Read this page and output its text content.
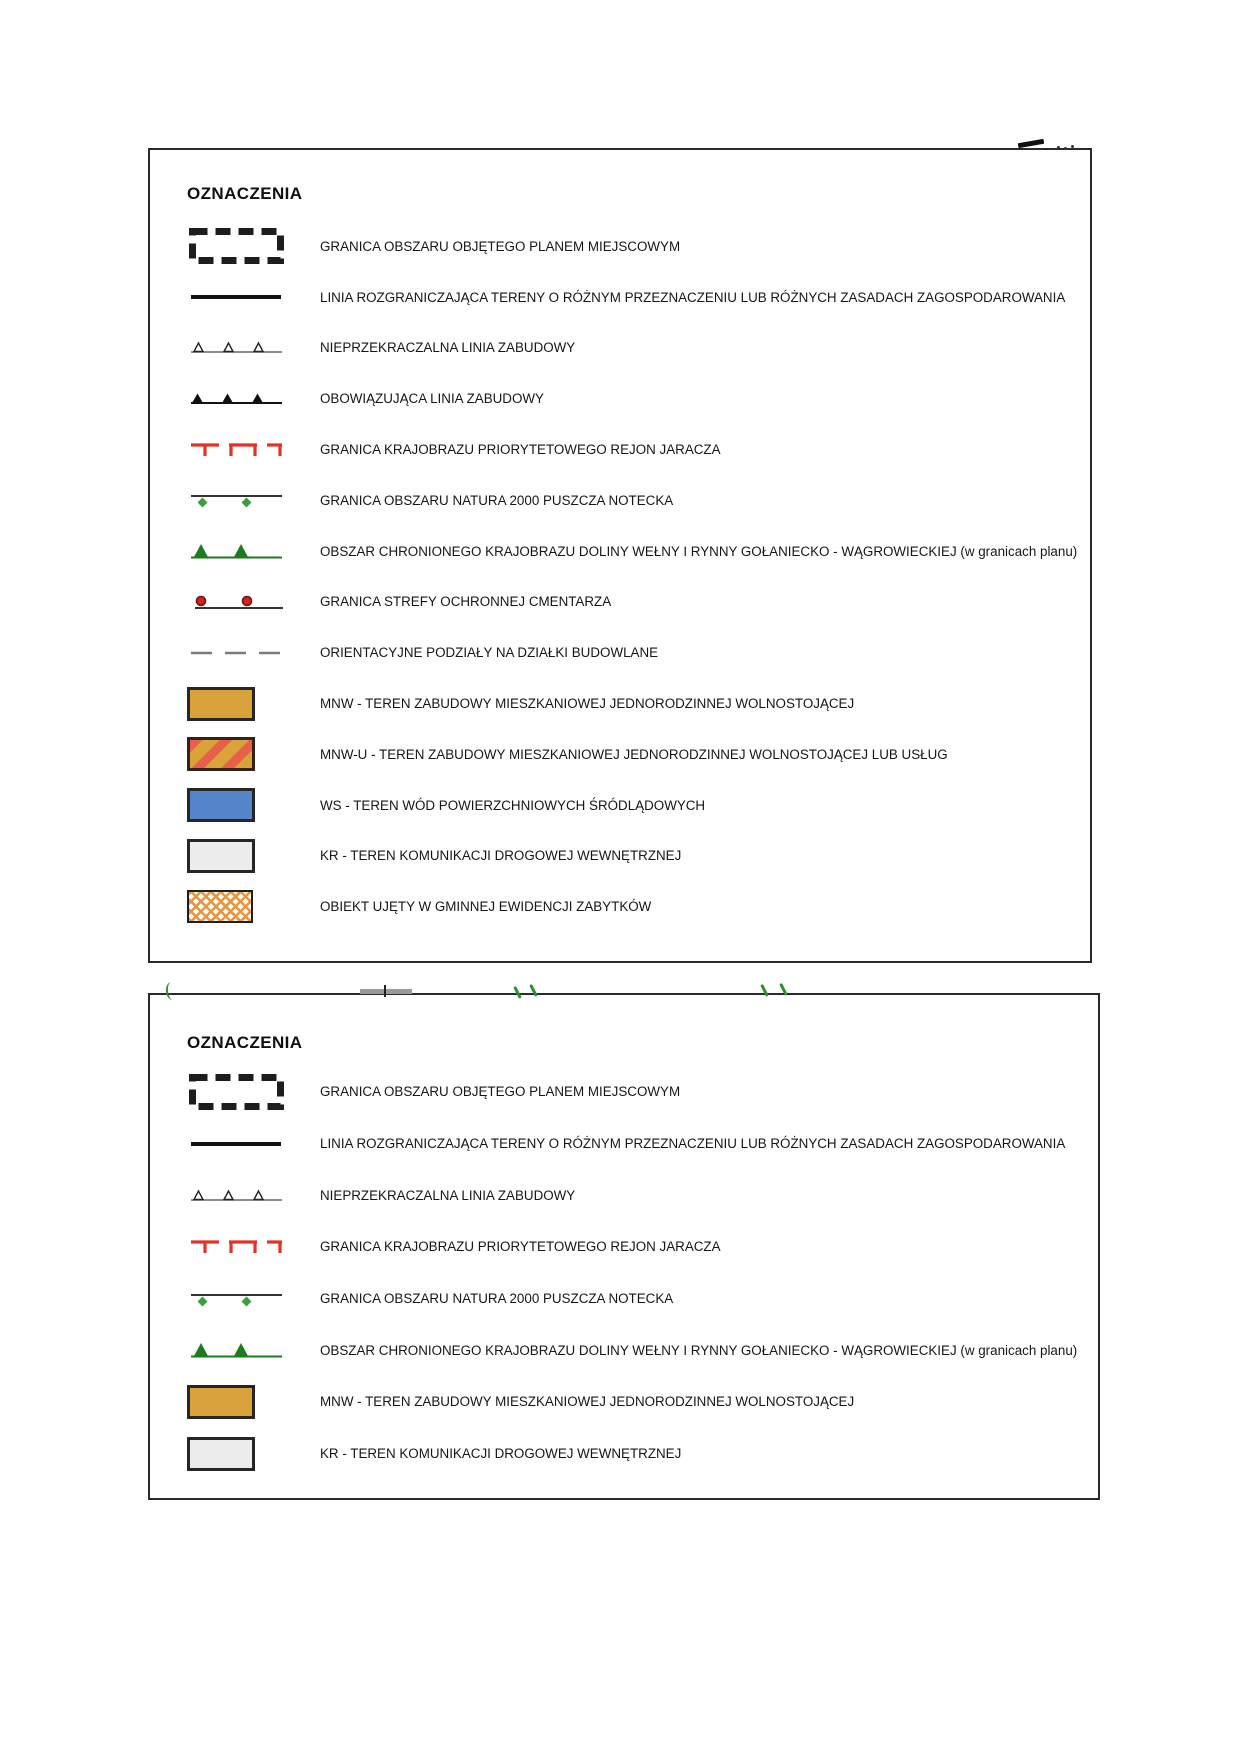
OZNACZENIA
GRANICA OBSZARU OBJĘTEGO PLANEM MIEJSCOWYM
LINIA ROZGRANICZAJĄCA TERENY O RÓŻNYM PRZEZNACZENIU LUB RÓŻNYCH ZASADACH ZAGOSPODAROWANIA
NIEPRZEKRACZALNA LINIA ZABUDOWY
OBOWIĄZUJĄCA LINIA ZABUDOWY
GRANICA KRAJOBRAZU PRIORYTETOWEGO REJON JARACZA
GRANICA OBSZARU NATURA 2000 PUSZCZA NOTECKA
OBSZAR CHRONIONEGO KRAJOBRAZU DOLINY WEŁNY I RYNNY GOŁANIECKO - WĄGROWIECKIEJ (w granicach planu)
GRANICA STREFY OCHRONNEJ CMENTARZA
ORIENTACYJNE PODZIAŁY NA DZIAŁKI BUDOWLANE
MNW - TEREN ZABUDOWY MIESZKANIOWEJ JEDNORODZINNEJ WOLNOSTOJĄCEJ
MNW-U - TEREN ZABUDOWY MIESZKANIOWEJ JEDNORODZINNEJ WOLNOSTOJĄCEJ LUB USŁUG
WS - TEREN WÓD POWIERZCHNIOWYCH ŚRÓDLĄDOWYCH
KR - TEREN KOMUNIKACJI DROGOWEJ WEWNĘTRZNEJ
OBIEKT UJĘTY W GMINNEJ EWIDENCJI ZABYTKÓW
OZNACZENIA
GRANICA OBSZARU OBJĘTEGO PLANEM MIEJSCOWYM
LINIA ROZGRANICZAJĄCA TERENY O RÓŻNYM PRZEZNACZENIU LUB RÓŻNYCH ZASADACH ZAGOSPODAROWANIA
NIEPRZEKRACZALNA LINIA ZABUDOWY
GRANICA KRAJOBRAZU PRIORYTETOWEGO REJON JARACZA
GRANICA OBSZARU NATURA 2000 PUSZCZA NOTECKA
OBSZAR CHRONIONEGO KRAJOBRAZU DOLINY WEŁNY I RYNNY GOŁANIECKO - WĄGROWIECKIEJ (w granicach planu)
MNW - TEREN ZABUDOWY MIESZKANIOWEJ JEDNORODZINNEJ WOLNOSTOJĄCEJ
KR - TEREN KOMUNIKACJI DROGOWEJ WEWNĘTRZNEJ
